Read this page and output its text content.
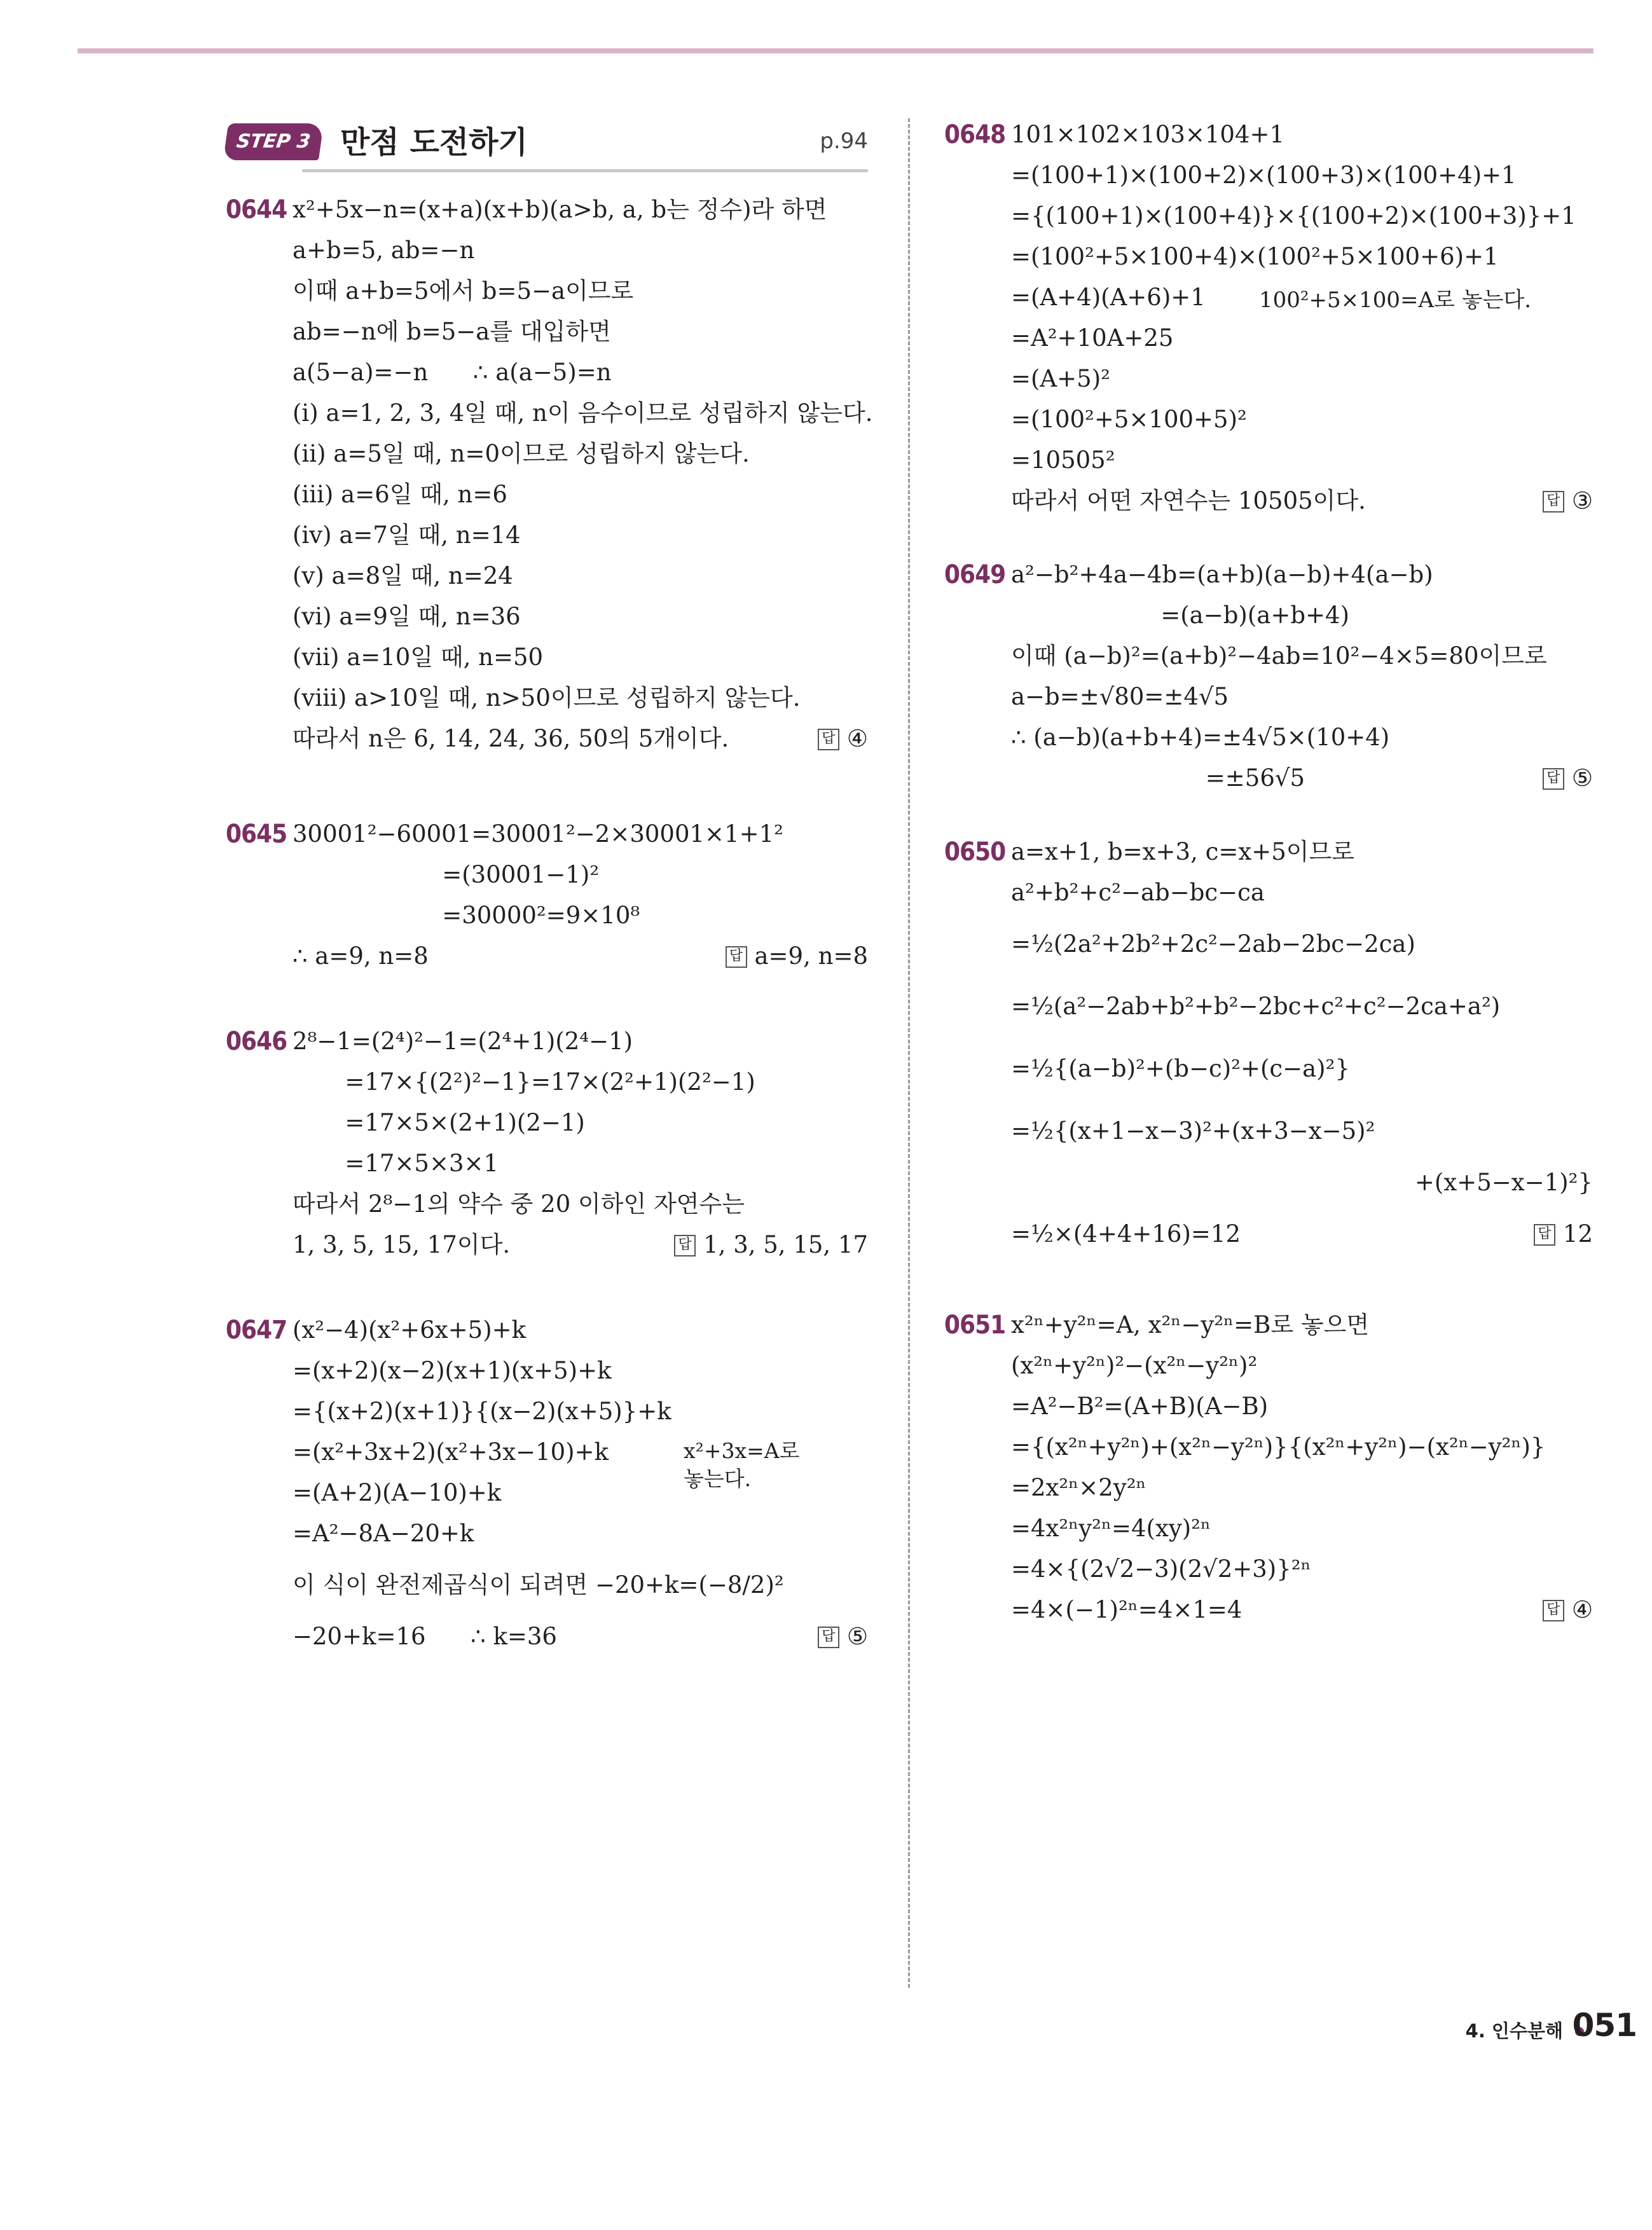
STEP 3 만점 도전하기	p.94
0644 x²+5x−n=(x+a)(x+b)(a>b, a, b는 정수)라 하면
a+b=5, ab=−n
이때 a+b=5에서 b=5−a이므로
ab=−n에 b=5−a를 대입하면
a(5−a)=−n      ∴ a(a−5)=n
(ⅰ) a=1, 2, 3, 4일 때, n이 음수이므로 성립하지 않는다.
(ⅱ) a=5일 때, n=0이므로 성립하지 않는다.
(ⅲ) a=6일 때, n=6
(ⅳ) a=7일 때, n=14
(ⅴ) a=8일 때, n=24
(ⅵ) a=9일 때, n=36
(ⅶ) a=10일 때, n=50
(ⅷ) a>10일 때, n>50이므로 성립하지 않는다.
따라서 n은 6, 14, 24, 36, 50의 5개이다.	답 ④
0645 30001²−60001=30001²−2×30001×1+1²
=(30001−1)²
=30000²=9×10⁸
∴ a=9, n=8	답 a=9, n=8
0646 2⁸−1=(2⁴)²−1=(2⁴+1)(2⁴−1)
=17×{(2²)²−1}=17×(2²+1)(2²−1)
=17×5×(2+1)(2−1)
=17×5×3×1
따라서 2⁸−1의 약수 중 20 이하인 자연수는
1, 3, 5, 15, 17이다.	답 1, 3, 5, 15, 17
0647 (x²−4)(x²+6x+5)+k
=(x+2)(x−2)(x+1)(x+5)+k
={(x+2)(x+1)}{(x−2)(x+5)}+k
=(x²+3x+2)(x²+3x−10)+k
=(A+2)(A−10)+k
=A²−8A−20+k
이 식이 완전제곱식이 되려면 −20+k=(−8/2)²
−20+k=16      ∴ k=36	답 ⑤
x²+3x=A로 놓는다.
0648 101×102×103×104+1
=(100+1)×(100+2)×(100+3)×(100+4)+1
={(100+1)×(100+4)}×{(100+2)×(100+3)}+1
=(100²+5×100+4)×(100²+5×100+6)+1
=(A+4)(A+6)+1
=A²+10A+25
=(A+5)²
=(100²+5×100+5)²
=10505²
따라서 어떤 자연수는 10505이다.	답 ③
100²+5×100=A로 놓는다.
0649 a²−b²+4a−4b=(a+b)(a−b)+4(a−b)
=(a−b)(a+b+4)
이때 (a−b)²=(a+b)²−4ab=10²−4×5=80이므로
a−b=±√80=±4√5
∴ (a−b)(a+b+4)=±4√5×(10+4)
=±56√5	답 ⑤
0650 a=x+1, b=x+3, c=x+5이므로
a²+b²+c²−ab−bc−ca
=½(2a²+2b²+2c²−2ab−2bc−2ca)
=½(a²−2ab+b²+b²−2bc+c²+c²−2ca+a²)
=½{(a−b)²+(b−c)²+(c−a)²}
=½{(x+1−x−3)²+(x+3−x−5)²
+(x+5−x−1)²}
=½×(4+4+16)=12	답 12
0651 x²ⁿ+y²ⁿ=A, x²ⁿ−y²ⁿ=B로 놓으면
(x²ⁿ+y²ⁿ)²−(x²ⁿ−y²ⁿ)²
=A²−B²=(A+B)(A−B)
={(x²ⁿ+y²ⁿ)+(x²ⁿ−y²ⁿ)}{(x²ⁿ+y²ⁿ)−(x²ⁿ−y²ⁿ)}
=2x²ⁿ×2y²ⁿ
=4x²ⁿy²ⁿ=4(xy)²ⁿ
=4×{(2√2−3)(2√2+3)}²ⁿ
=4×(−1)²ⁿ=4×1=4	답 ④
4. 인수분해 051
